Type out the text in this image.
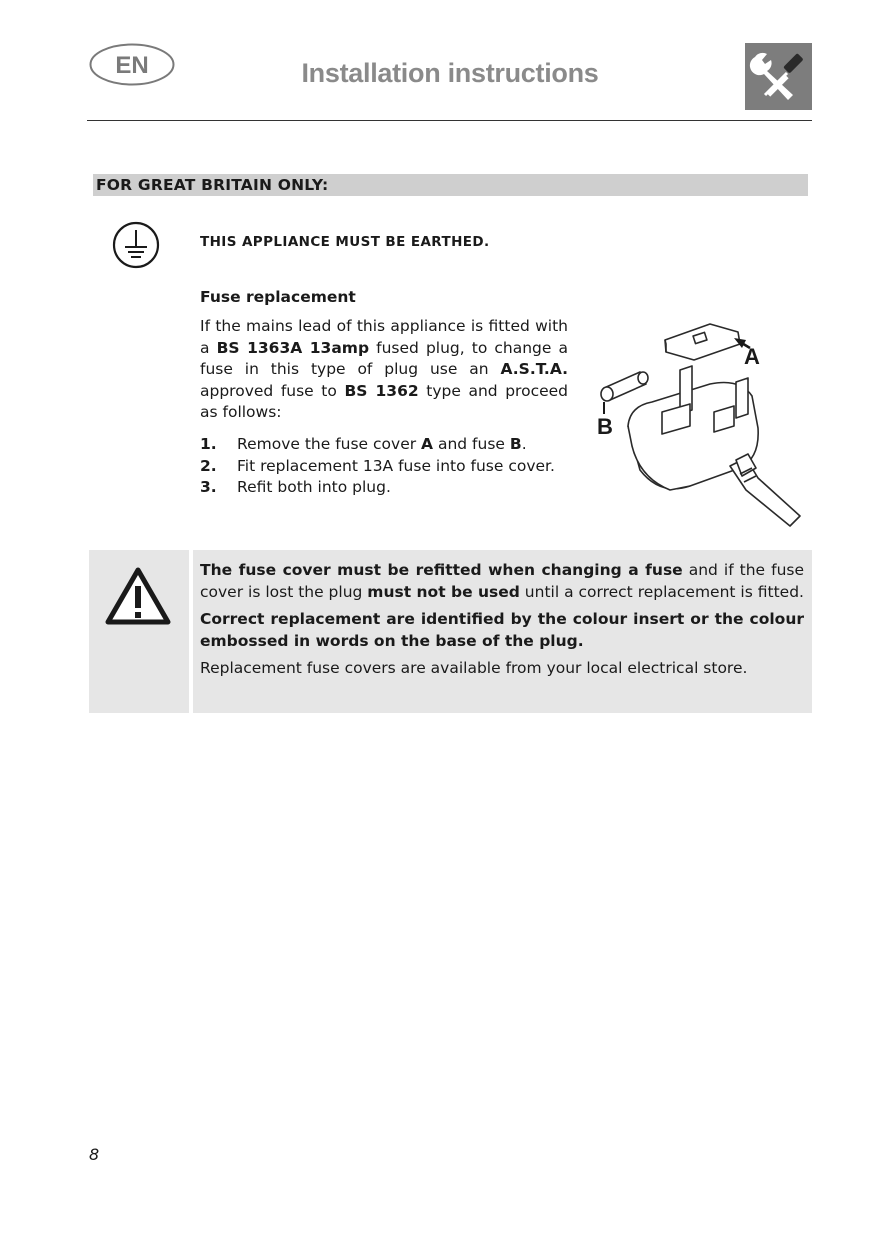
EN	Installation instructions
FOR GREAT BRITAIN ONLY:
THIS APPLIANCE MUST BE EARTHED.
Fuse replacement
If the mains lead of this appliance is fitted with a BS 1363A 13amp fused plug, to change a fuse in this type of plug use an A.S.T.A. approved fuse to BS 1362 type and proceed as follows:
1.	Remove the fuse cover A and fuse B.
2.	Fit replacement 13A fuse into fuse cover.
3.	Refit both into plug.
A
B

The fuse cover must be refitted when changing a fuse and if the fuse cover is lost the plug must not be used until a correct replacement is fitted.

Correct replacement are identified by the colour insert or the colour embossed in words on the base of the plug.

Replacement fuse covers are available from your local electrical store.

8
